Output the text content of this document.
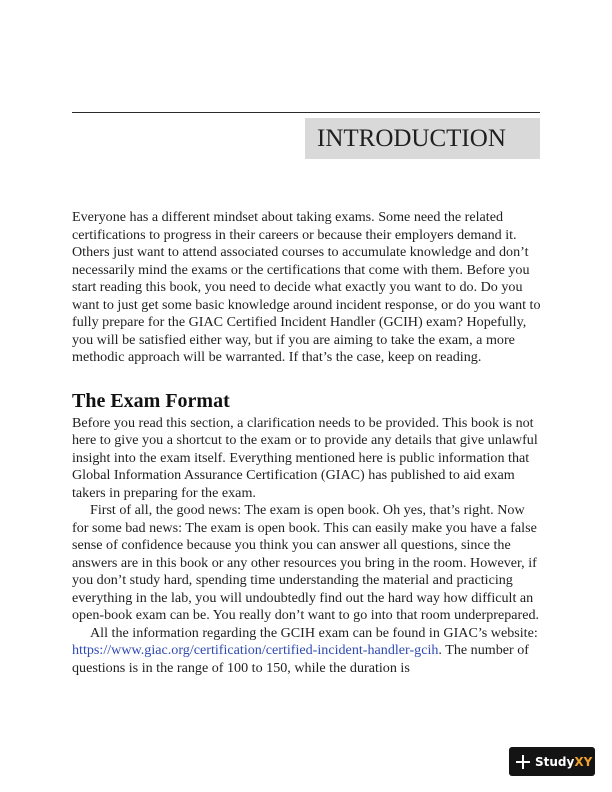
INTRODUCTION

Everyone has a different mindset about taking exams. Some need the related certifications to progress in their careers or because their employers demand it. Others just want to attend associated courses to accumulate knowledge and don’t necessarily mind the exams or the certifications that come with them. Before you start reading this book, you need to decide what exactly you want to do. Do you want to just get some basic knowledge around incident response, or do you want to fully prepare for the GIAC Certified Incident Handler (GCIH) exam? Hopefully, you will be satisfied either way, but if you are aiming to take the exam, a more methodic approach will be warranted. If that’s the case, keep on reading.

The Exam Format

Before you read this section, a clarification needs to be provided. This book is not here to give you a shortcut to the exam or to provide any details that give unlawful insight into the exam itself. Everything mentioned here is public information that Global Information Assurance Certification (GIAC) has published to aid exam takers in preparing for the exam.

First of all, the good news: The exam is open book. Oh yes, that’s right. Now for some bad news: The exam is open book. This can easily make you have a false sense of confidence because you think you can answer all questions, since the answers are in this book or any other resources you bring in the room. However, if you don’t study hard, spending time understanding the material and practicing everything in the lab, you will undoubtedly find out the hard way how difficult an open-book exam can be. You really don’t want to go into that room underprepared.

All the information regarding the GCIH exam can be found in GIAC’s website: https://www.giac.org/certification/certified-incident-handler-gcih. The number of questions is in the range of 100 to 150, while the duration is

StudyXY
